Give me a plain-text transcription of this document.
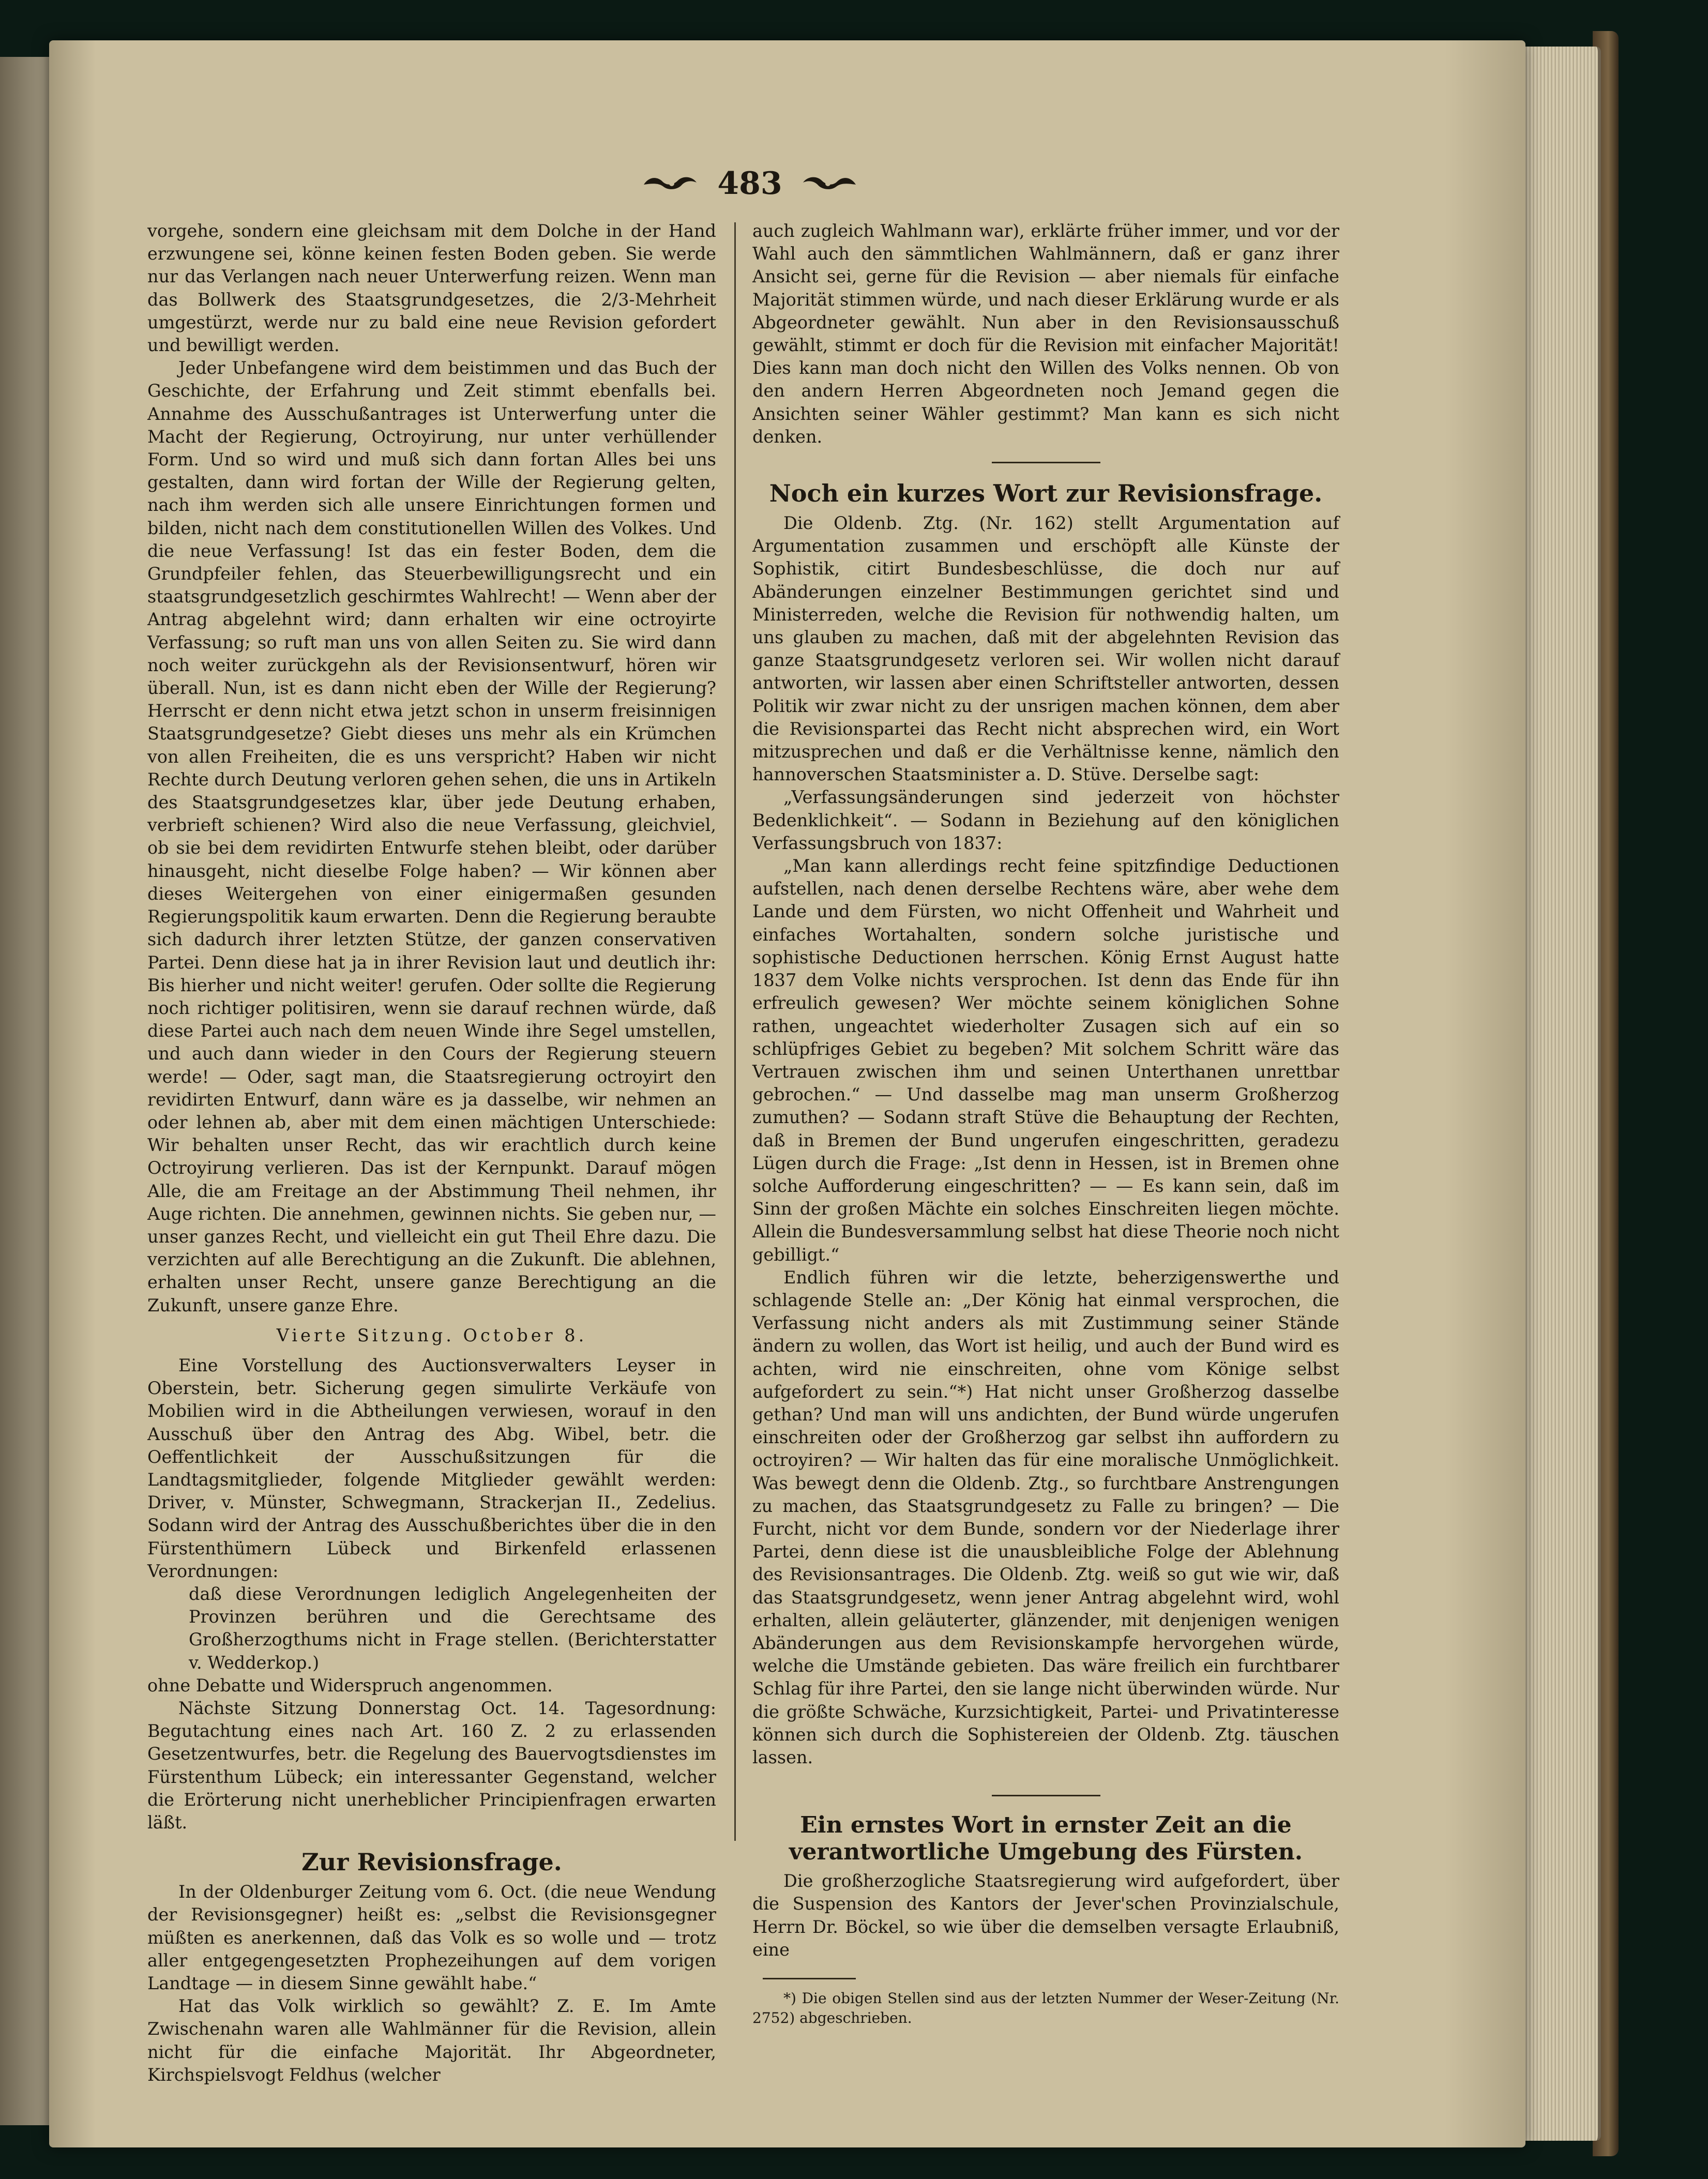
483

vorgehe, sondern eine gleichsam mit dem Dolche in der Hand erzwungene sei, könne keinen festen Boden geben. Sie werde nur das Verlangen nach neuer Unterwerfung reizen. Wenn man das Bollwerk des Staatsgrundgesetzes, die 2/3-Mehrheit umgestürzt, werde nur zu bald eine neue Revision gefordert und bewilligt werden.

Jeder Unbefangene wird dem beistimmen und das Buch der Geschichte, der Erfahrung und Zeit stimmt ebenfalls bei. Annahme des Ausschußantrages ist Unterwerfung unter die Macht der Regierung, Octroyirung, nur unter verhüllender Form. Und so wird und muß sich dann fortan Alles bei uns gestalten, dann wird fortan der Wille der Regierung gelten, nach ihm werden sich alle unsere Einrichtungen formen und bilden, nicht nach dem constitutionellen Willen des Volkes. Und die neue Verfassung! Ist das ein fester Boden, dem die Grundpfeiler fehlen, das Steuerbewilligungsrecht und ein staatsgrundgesetzlich geschirmtes Wahlrecht! — Wenn aber der Antrag abgelehnt wird; dann erhalten wir eine octroyirte Verfassung; so ruft man uns von allen Seiten zu. Sie wird dann noch weiter zurückgehn als der Revisionsentwurf, hören wir überall. Nun, ist es dann nicht eben der Wille der Regierung? Herrscht er denn nicht etwa jetzt schon in unserm freisinnigen Staatsgrundgesetze? Giebt dieses uns mehr als ein Krümchen von allen Freiheiten, die es uns verspricht? Haben wir nicht Rechte durch Deutung verloren gehen sehen, die uns in Artikeln des Staatsgrundgesetzes klar, über jede Deutung erhaben, verbrieft schienen? Wird also die neue Verfassung, gleichviel, ob sie bei dem revidirten Entwurfe stehen bleibt, oder darüber hinausgeht, nicht dieselbe Folge haben? — Wir können aber dieses Weitergehen von einer einigermaßen gesunden Regierungspolitik kaum erwarten. Denn die Regierung beraubte sich dadurch ihrer letzten Stütze, der ganzen conservativen Partei. Denn diese hat ja in ihrer Revision laut und deutlich ihr: Bis hierher und nicht weiter! gerufen. Oder sollte die Regierung noch richtiger politisiren, wenn sie darauf rechnen würde, daß diese Partei auch nach dem neuen Winde ihre Segel umstellen, und auch dann wieder in den Cours der Regierung steuern werde! — Oder, sagt man, die Staatsregierung octroyirt den revidirten Entwurf, dann wäre es ja dasselbe, wir nehmen an oder lehnen ab, aber mit dem einen mächtigen Unterschiede: Wir behalten unser Recht, das wir erachtlich durch keine Octroyirung verlieren. Das ist der Kernpunkt. Darauf mögen Alle, die am Freitage an der Abstimmung Theil nehmen, ihr Auge richten. Die annehmen, gewinnen nichts. Sie geben nur, — unser ganzes Recht, und vielleicht ein gut Theil Ehre dazu. Die verzichten auf alle Berechtigung an die Zukunft. Die ablehnen, erhalten unser Recht, unsere ganze Berechtigung an die Zukunft, unsere ganze Ehre.

Vierte Sitzung. October 8.

Eine Vorstellung des Auctionsverwalters Leyser in Oberstein, betr. Sicherung gegen simulirte Verkäufe von Mobilien wird in die Abtheilungen verwiesen, worauf in den Ausschuß über den Antrag des Abg. Wibel, betr. die Oeffentlichkeit der Ausschußsitzungen für die Landtagsmitglieder, folgende Mitglieder gewählt werden: Driver, v. Münster, Schwegmann, Strackerjan II., Zedelius. Sodann wird der Antrag des Ausschußberichtes über die in den Fürstenthümern Lübeck und Birkenfeld erlassenen Verordnungen:

daß diese Verordnungen lediglich Angelegenheiten der Provinzen berühren und die Gerechtsame des Großherzogthums nicht in Frage stellen. (Berichterstatter v. Wedderkop.)

ohne Debatte und Widerspruch angenommen.

Nächste Sitzung Donnerstag Oct. 14. Tagesordnung: Begutachtung eines nach Art. 160 Z. 2 zu erlassenden Gesetzentwurfes, betr. die Regelung des Bauervogtsdienstes im Fürstenthum Lübeck; ein interessanter Gegenstand, welcher die Erörterung nicht unerheblicher Principienfragen erwarten läßt.

Zur Revisionsfrage.

In der Oldenburger Zeitung vom 6. Oct. (die neue Wendung der Revisionsgegner) heißt es: „selbst die Revisionsgegner müßten es anerkennen, daß das Volk es so wolle und — trotz aller entgegengesetzten Prophezeihungen auf dem vorigen Landtage — in diesem Sinne gewählt habe.“

Hat das Volk wirklich so gewählt? Z. E. Im Amte Zwischenahn waren alle Wahlmänner für die Revision, allein nicht für die einfache Majorität. Ihr Abgeordneter, Kirchspielsvogt Feldhus (welcher

auch zugleich Wahlmann war), erklärte früher immer, und vor der Wahl auch den sämmtlichen Wahlmännern, daß er ganz ihrer Ansicht sei, gerne für die Revision — aber niemals für einfache Majorität stimmen würde, und nach dieser Erklärung wurde er als Abgeordneter gewählt. Nun aber in den Revisionsausschuß gewählt, stimmt er doch für die Revision mit einfacher Majorität! Dies kann man doch nicht den Willen des Volks nennen. Ob von den andern Herren Abgeordneten noch Jemand gegen die Ansichten seiner Wähler gestimmt? Man kann es sich nicht denken.

Noch ein kurzes Wort zur Revisionsfrage.

Die Oldenb. Ztg. (Nr. 162) stellt Argumentation auf Argumentation zusammen und erschöpft alle Künste der Sophistik, citirt Bundesbeschlüsse, die doch nur auf Abänderungen einzelner Bestimmungen gerichtet sind und Ministerreden, welche die Revision für nothwendig halten, um uns glauben zu machen, daß mit der abgelehnten Revision das ganze Staatsgrundgesetz verloren sei. Wir wollen nicht darauf antworten, wir lassen aber einen Schriftsteller antworten, dessen Politik wir zwar nicht zu der unsrigen machen können, dem aber die Revisionspartei das Recht nicht absprechen wird, ein Wort mitzusprechen und daß er die Verhältnisse kenne, nämlich den hannoverschen Staatsminister a. D. Stüve. Derselbe sagt:

„Verfassungsänderungen sind jederzeit von höchster Bedenklichkeit“. — Sodann in Beziehung auf den königlichen Verfassungsbruch von 1837:

„Man kann allerdings recht feine spitzfindige Deductionen aufstellen, nach denen derselbe Rechtens wäre, aber wehe dem Lande und dem Fürsten, wo nicht Offenheit und Wahrheit und einfaches Wortahalten, sondern solche juristische und sophistische Deductionen herrschen. König Ernst August hatte 1837 dem Volke nichts versprochen. Ist denn das Ende für ihn erfreulich gewesen? Wer möchte seinem königlichen Sohne rathen, ungeachtet wiederholter Zusagen sich auf ein so schlüpfriges Gebiet zu begeben? Mit solchem Schritt wäre das Vertrauen zwischen ihm und seinen Unterthanen unrettbar gebrochen.“ — Und dasselbe mag man unserm Großherzog zumuthen? — Sodann straft Stüve die Behauptung der Rechten, daß in Bremen der Bund ungerufen eingeschritten, geradezu Lügen durch die Frage: „Ist denn in Hessen, ist in Bremen ohne solche Aufforderung eingeschritten? — — Es kann sein, daß im Sinn der großen Mächte ein solches Einschreiten liegen möchte. Allein die Bundesversammlung selbst hat diese Theorie noch nicht gebilligt.“

Endlich führen wir die letzte, beherzigenswerthe und schlagende Stelle an: „Der König hat einmal versprochen, die Verfassung nicht anders als mit Zustimmung seiner Stände ändern zu wollen, das Wort ist heilig, und auch der Bund wird es achten, wird nie einschreiten, ohne vom Könige selbst aufgefordert zu sein.“*) Hat nicht unser Großherzog dasselbe gethan? Und man will uns andichten, der Bund würde ungerufen einschreiten oder der Großherzog gar selbst ihn auffordern zu octroyiren? — Wir halten das für eine moralische Unmöglichkeit. Was bewegt denn die Oldenb. Ztg., so furchtbare Anstrengungen zu machen, das Staatsgrundgesetz zu Falle zu bringen? — Die Furcht, nicht vor dem Bunde, sondern vor der Niederlage ihrer Partei, denn diese ist die unausbleibliche Folge der Ablehnung des Revisionsantrages. Die Oldenb. Ztg. weiß so gut wie wir, daß das Staatsgrundgesetz, wenn jener Antrag abgelehnt wird, wohl erhalten, allein geläuterter, glänzender, mit denjenigen wenigen Abänderungen aus dem Revisionskampfe hervorgehen würde, welche die Umstände gebieten. Das wäre freilich ein furchtbarer Schlag für ihre Partei, den sie lange nicht überwinden würde. Nur die größte Schwäche, Kurzsichtigkeit, Partei- und Privatinteresse können sich durch die Sophistereien der Oldenb. Ztg. täuschen lassen.

Ein ernstes Wort in ernster Zeit an die verantwortliche Umgebung des Fürsten.

Die großherzogliche Staatsregierung wird aufgefordert, über die Suspension des Kantors der Jever'schen Provinzialschule, Herrn Dr. Böckel, so wie über die demselben versagte Erlaubniß, eine

*) Die obigen Stellen sind aus der letzten Nummer der Weser-Zeitung (Nr. 2752) abgeschrieben.
